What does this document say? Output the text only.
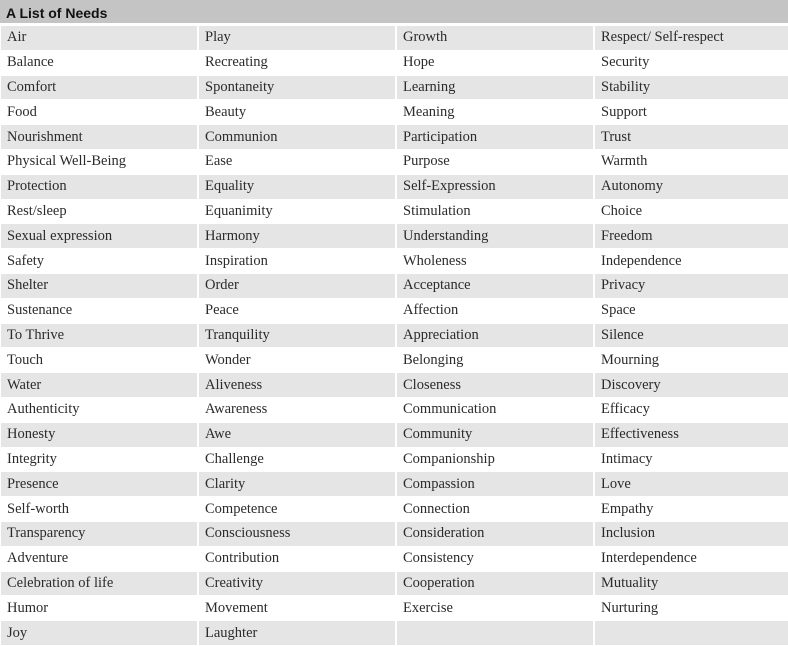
A List of Needs
Air	Play	Growth	Respect/ Self-respect
Balance	Recreating	Hope	Security
Comfort	Spontaneity	Learning	Stability
Food	Beauty	Meaning	Support
Nourishment	Communion	Participation	Trust
Physical Well-Being	Ease	Purpose	Warmth
Protection	Equality	Self-Expression	Autonomy
Rest/sleep	Equanimity	Stimulation	Choice
Sexual expression	Harmony	Understanding	Freedom
Safety	Inspiration	Wholeness	Independence
Shelter	Order	Acceptance	Privacy
Sustenance	Peace	Affection	Space
To Thrive	Tranquility	Appreciation	Silence
Touch	Wonder	Belonging	Mourning
Water	Aliveness	Closeness	Discovery
Authenticity	Awareness	Communication	Efficacy
Honesty	Awe	Community	Effectiveness
Integrity	Challenge	Companionship	Intimacy
Presence	Clarity	Compassion	Love
Self-worth	Competence	Connection	Empathy
Transparency	Consciousness	Consideration	Inclusion
Adventure	Contribution	Consistency	Interdependence
Celebration of life	Creativity	Cooperation	Mutuality
Humor	Movement	Exercise	Nurturing
Joy	Laughter		
